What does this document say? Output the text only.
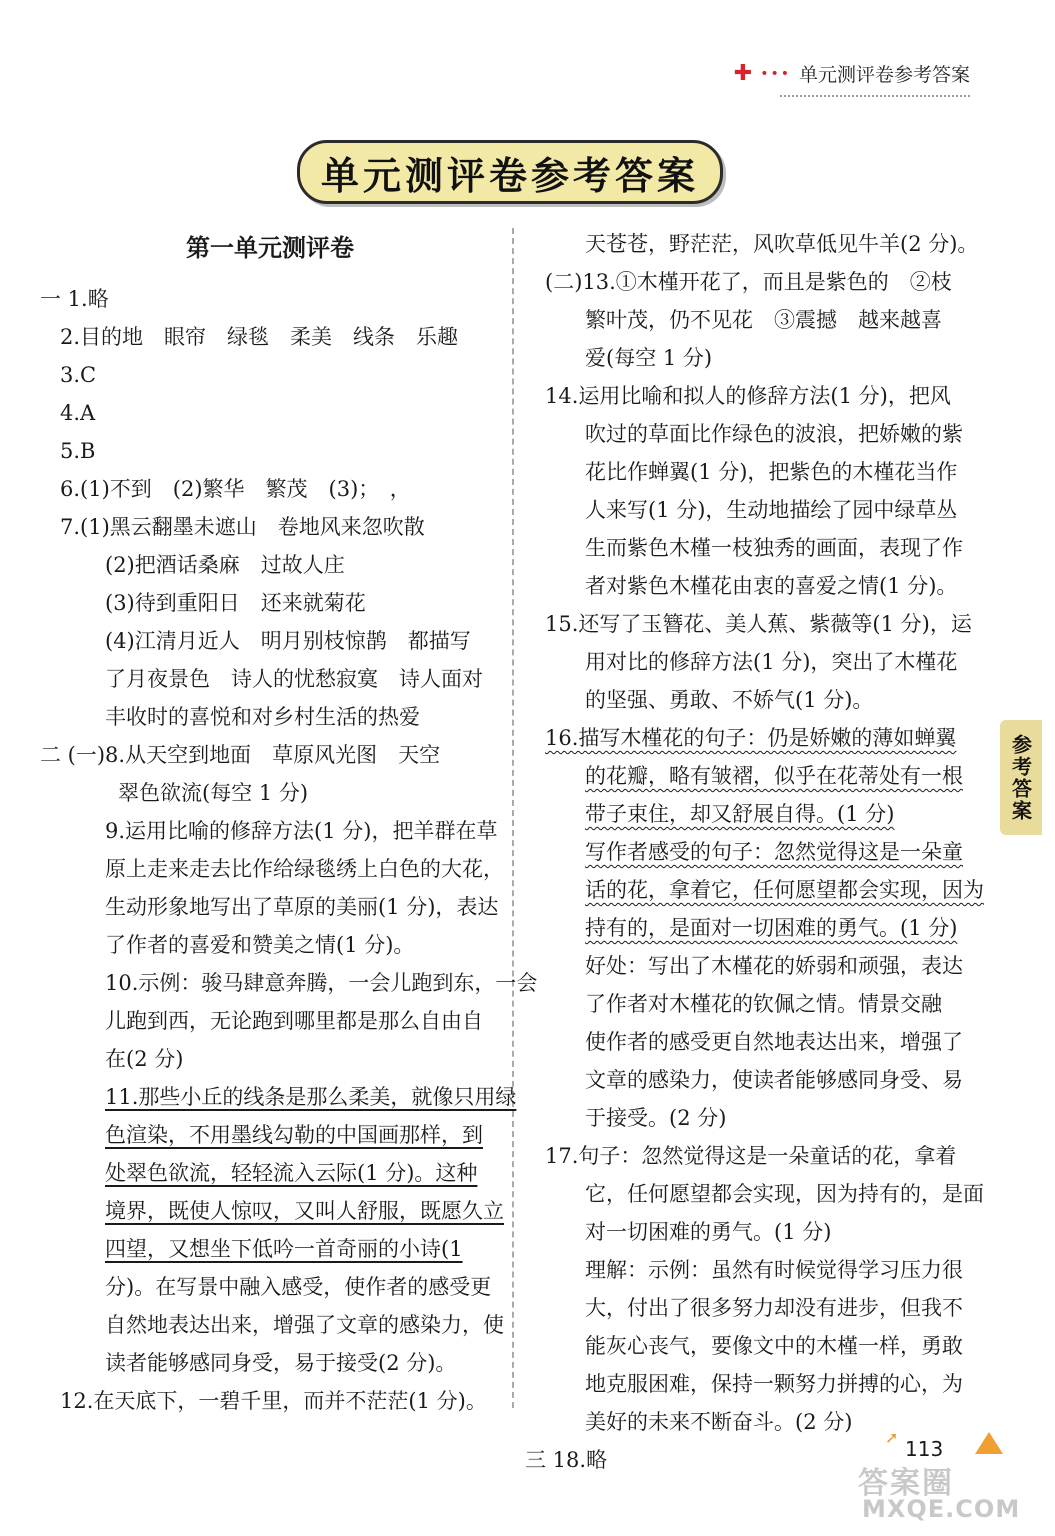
✚ ••• 单元测评卷参考答案
单元测评卷参考答案
第一单元测评卷
一 1.略
2.目的地　眼帘　绿毯　柔美　线条　乐趣
3.C
4.A
5.B
6.(1)不到　(2)繁华　繁茂　(3)；　，
7.(1)黑云翻墨未遮山　卷地风来忽吹散
(2)把酒话桑麻　过故人庄
(3)待到重阳日　还来就菊花
(4)江清月近人　明月别枝惊鹊　都描写
了月夜景色　诗人的忧愁寂寞　诗人面对
丰收时的喜悦和对乡村生活的热爱
二 (一)8.从天空到地面　草原风光图　天空
翠色欲流(每空 1 分)
9.运用比喻的修辞方法(1 分)，把羊群在草
原上走来走去比作给绿毯绣上白色的大花，
生动形象地写出了草原的美丽(1 分)，表达
了作者的喜爱和赞美之情(1 分)。
10.示例：骏马肆意奔腾，一会儿跑到东，一会
儿跑到西，无论跑到哪里都是那么自由自
在(2 分)
11.那些小丘的线条是那么柔美，就像只用绿
色渲染，不用墨线勾勒的中国画那样，到
处翠色欲流，轻轻流入云际(1 分)。这种
境界，既使人惊叹，又叫人舒服，既愿久立
四望，又想坐下低吟一首奇丽的小诗(1
分)。在写景中融入感受，使作者的感受更
自然地表达出来，增强了文章的感染力，使
读者能够感同身受，易于接受(2 分)。
12.在天底下，一碧千里，而并不茫茫(1 分)。
天苍苍，野茫茫，风吹草低见牛羊(2 分)。
(二)13.①木槿开花了，而且是紫色的　②枝
繁叶茂，仍不见花　③震撼　越来越喜
爱(每空 1 分)
14.运用比喻和拟人的修辞方法(1 分)，把风
吹过的草面比作绿色的波浪，把娇嫩的紫
花比作蝉翼(1 分)，把紫色的木槿花当作
人来写(1 分)，生动地描绘了园中绿草丛
生而紫色木槿一枝独秀的画面，表现了作
者对紫色木槿花由衷的喜爱之情(1 分)。
15.还写了玉簪花、美人蕉、紫薇等(1 分)，运
用对比的修辞方法(1 分)，突出了木槿花
的坚强、勇敢、不娇气(1 分)。
16.描写木槿花的句子：仍是娇嫩的薄如蝉翼
的花瓣，略有皱褶，似乎在花蒂处有一根
带子束住，却又舒展自得。(1 分)
写作者感受的句子：忽然觉得这是一朵童
话的花，拿着它，任何愿望都会实现，因为
持有的，是面对一切困难的勇气。(1 分)
好处：写出了木槿花的娇弱和顽强，表达
了作者对木槿花的钦佩之情。情景交融
使作者的感受更自然地表达出来，增强了
文章的感染力，使读者能够感同身受、易
于接受。(2 分)
17.句子：忽然觉得这是一朵童话的花，拿着
它，任何愿望都会实现，因为持有的，是面
对一切困难的勇气。(1 分)
理解：示例：虽然有时候觉得学习压力很
大，付出了很多努力却没有进步，但我不
能灰心丧气，要像文中的木槿一样，勇敢
地克服困难，保持一颗努力拼搏的心，为
美好的未来不断奋斗。(2 分)
三 18.略
参考答案
➚ 113
答案圈
MXQE.COM
